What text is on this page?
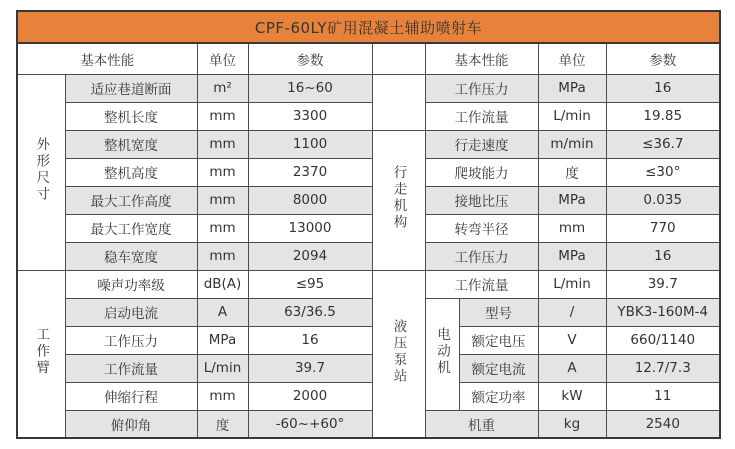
CPF-60LY矿用混凝土辅助喷射车
基本性能		单位	参数		基本性能		单位	参数
外形尺寸	适应巷道断面	m²	16~60		工作压力		MPa	16
	整机长度	mm	3300		工作流量		L/min	19.85
	整机宽度	mm	1100	行走机构	行走速度		m/min	≤36.7
	整机高度	mm	2370		爬坡能力		度	≤30°
	最大工作高度	mm	8000		接地比压		MPa	0.035
	最大工作宽度	mm	13000		转弯半径		mm	770
	稳车宽度	mm	2094		工作压力		MPa	16
工作臂	噪声功率级	dB(A)	≤95	液压泵站	工作流量		L/min	39.7
	启动电流	A	63/36.5		电动机	型号	/	YBK3-160M-4
	工作压力	MPa	16			额定电压	V	660/1140
	工作流量	L/min	39.7			额定电流	A	12.7/7.3
	伸缩行程	mm	2000			额定功率	kW	11
	俯仰角	度	-60~+60°		机重		kg	2540
